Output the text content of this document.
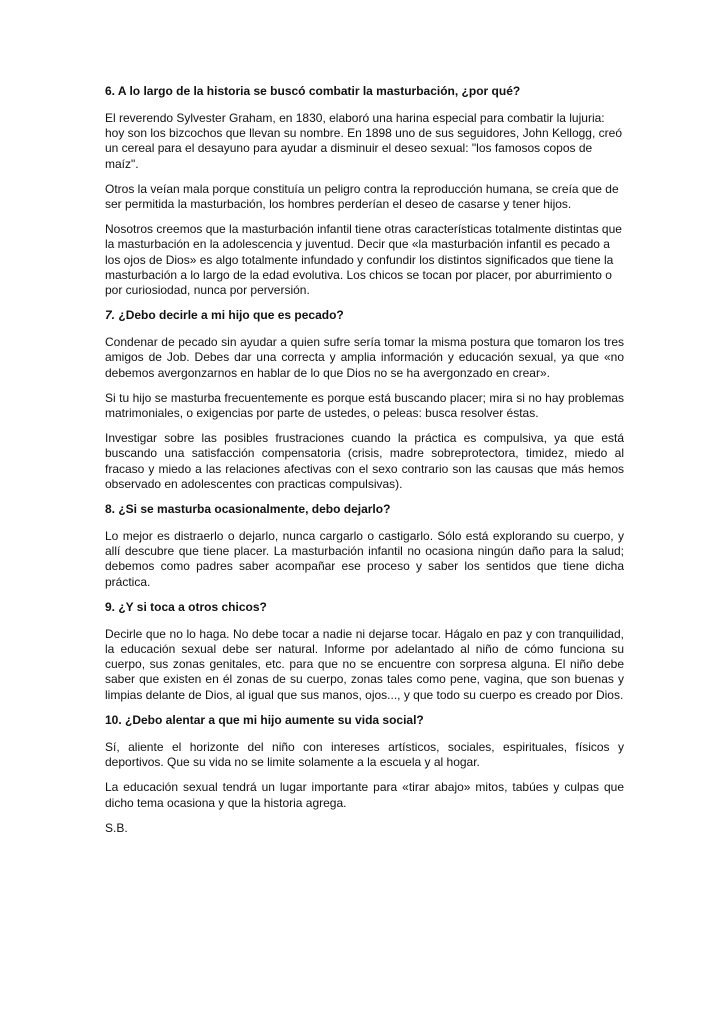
6. A lo largo de la historia se buscó combatir la masturbación, ¿por qué?

El reverendo Sylvester Graham, en 1830, elaboró una harina especial para combatir la lujuria: hoy son los bizcochos que llevan su nombre. En 1898 uno de sus seguidores, John Kellogg, creó un cereal para el desayuno para ayudar a disminuir el deseo sexual: "los famosos copos de maíz".

Otros la veían mala porque constituía un peligro contra la reproducción humana, se creía que de ser permitida la masturbación, los hombres perderían el deseo de casarse y tener hijos.

Nosotros creemos que la masturbación infantil tiene otras características totalmente distintas que la masturbación en la adolescencia y juventud. Decir que «la masturbación infantil es pecado a los ojos de Dios» es algo totalmente infundado y confundir los distintos significados que tiene la masturbación a lo largo de la edad evolutiva. Los chicos se tocan por placer, por aburrimiento o por curiosiodad, nunca por perversión.

7. ¿Debo decirle a mi hijo que es pecado?

Condenar de pecado sin ayudar a quien sufre sería tomar la misma postura que tomaron los tres amigos de Job. Debes dar una correcta y amplia información y educación sexual, ya que «no debemos avergonzarnos en hablar de lo que Dios no se ha avergonzado en crear».

Si tu hijo se masturba frecuentemente es porque está buscando placer; mira si no hay problemas matrimoniales, o exigencias por parte de ustedes, o peleas: busca resolver éstas.

Investigar sobre las posibles frustraciones cuando la práctica es compulsiva, ya que está buscando una satisfacción compensatoria (crisis, madre sobreprotectora, timidez, miedo al fracaso y miedo a las relaciones afectivas con el sexo contrario son las causas que más hemos observado en adolescentes con practicas compulsivas).

8. ¿Si se masturba ocasionalmente, debo dejarlo?

Lo mejor es distraerlo o dejarlo, nunca cargarlo o castigarlo. Sólo está explorando su cuerpo, y allí descubre que tiene placer. La masturbación infantil no ocasiona ningún daño para la salud; debemos como padres saber acompañar ese proceso y saber los sentidos que tiene dicha práctica.

9. ¿Y si toca a otros chicos?

Decirle que no lo haga. No debe tocar a nadie ni dejarse tocar. Hágalo en paz y con tranquilidad, la educación sexual debe ser natural. Informe por adelantado al niño de cómo funciona su cuerpo, sus zonas genitales, etc. para que no se encuentre con sorpresa alguna. El niño debe saber que existen en él zonas de su cuerpo, zonas tales como pene, vagina, que son buenas y limpias delante de Dios, al igual que sus manos, ojos..., y que todo su cuerpo es creado por Dios.

10. ¿Debo alentar a que mi hijo aumente su vida social?

Sí, aliente el horizonte del niño con intereses artísticos, sociales, espirituales, físicos y deportivos. Que su vida no se limite solamente a la escuela y al hogar.

La educación sexual tendrá un lugar importante para «tirar abajo» mitos, tabúes y culpas que dicho tema ocasiona y que la historia agrega.

S.B.
